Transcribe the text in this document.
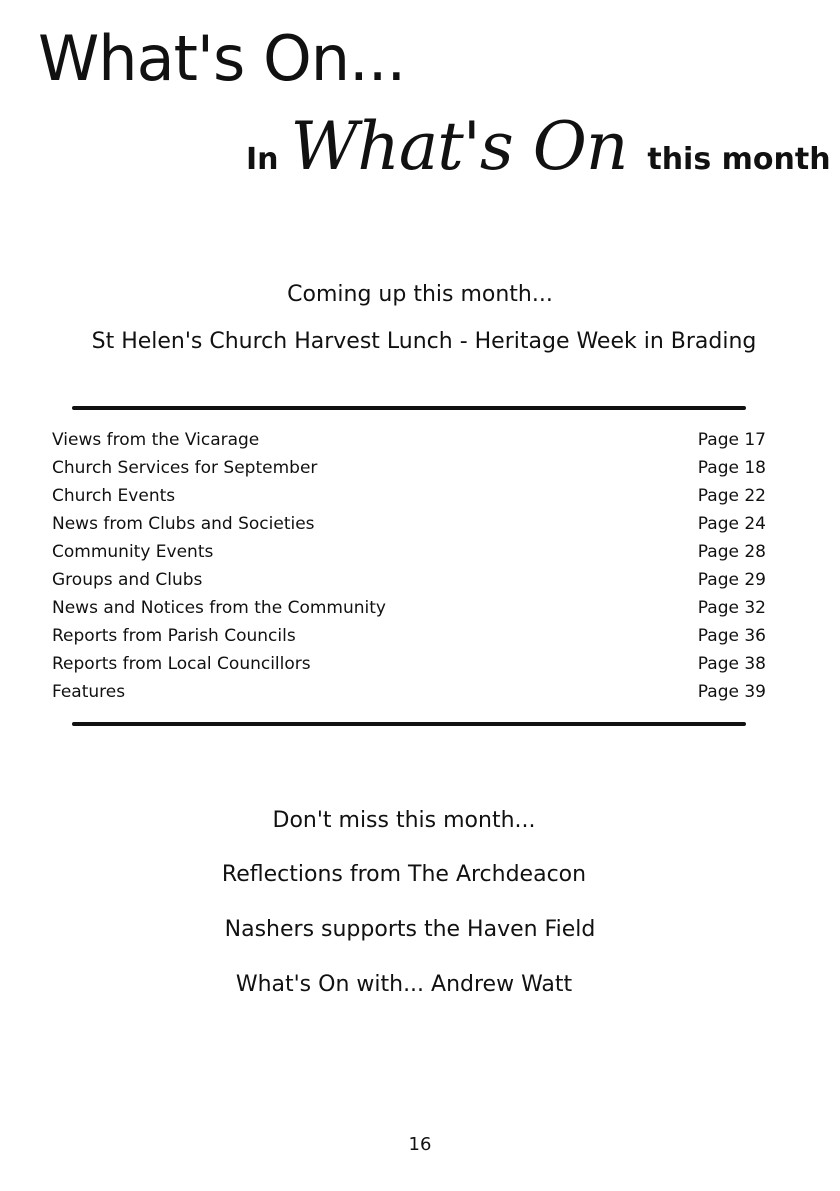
What's On...
In What's On this month
Coming up this month...
St Helen's Church Harvest Lunch - Heritage Week in Brading
Views from the Vicarage	Page 17
Church Services for September	Page 18
Church Events	Page 22
News from Clubs and Societies	Page 24
Community Events	Page 28
Groups and Clubs	Page 29
News and Notices from the Community	Page 32
Reports from Parish Councils	Page 36
Reports from Local Councillors	Page 38
Features	Page 39
Don't miss this month...
Reflections from The Archdeacon
Nashers supports the Haven Field
What's On with... Andrew Watt
16
